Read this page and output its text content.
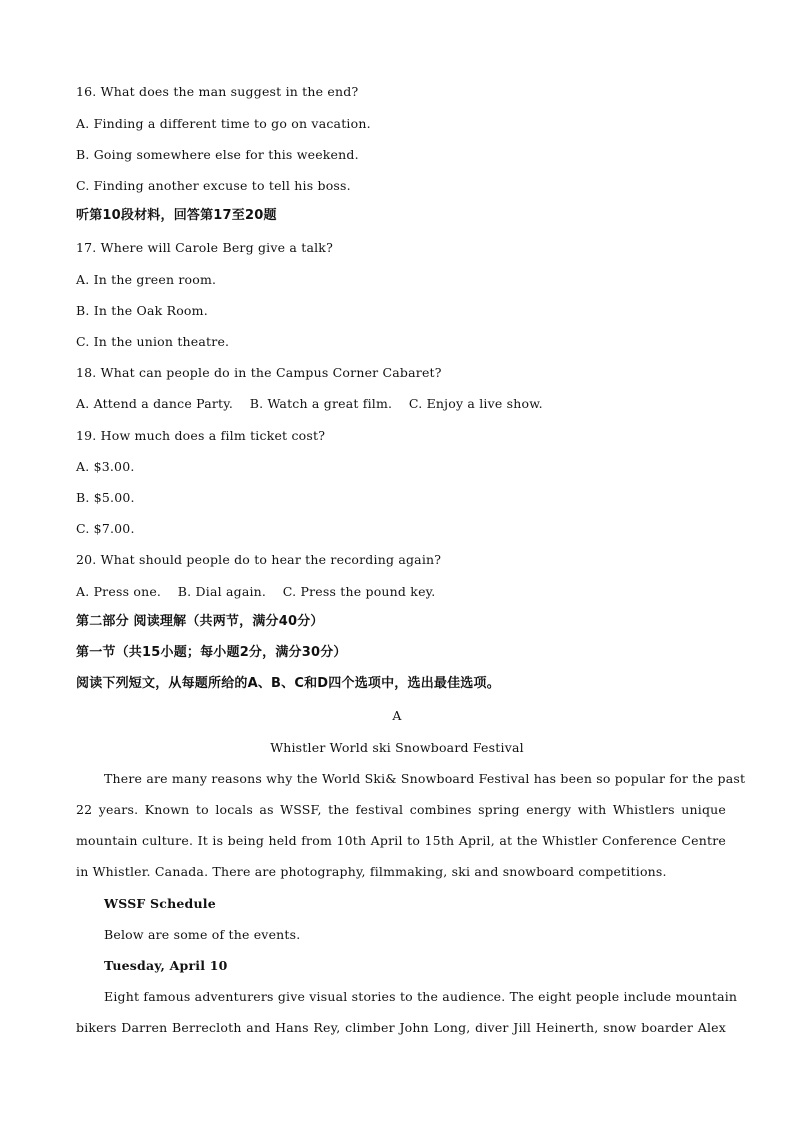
16. What does the man suggest in the end?
A. Finding a different time to go on vacation.
B. Going somewhere else for this weekend.
C. Finding another excuse to tell his boss.
听第10段材料，回答第17至20题
17. Where will Carole Berg give a talk?
A. In the green room.
B. In the Oak Room.
C. In the union theatre.
18. What can people do in the Campus Corner Cabaret?
A. Attend a dance Party.    B. Watch a great film.    C. Enjoy a live show.
19. How much does a film ticket cost?
A. $3.00.
B. $5.00.
C. $7.00.
20. What should people do to hear the recording again?
A. Press one.    B. Dial again.    C. Press the pound key.
第二部分 阅读理解（共两节，满分40分）
第一节（共15小题；每小题2分，满分30分）
阅读下列短文，从每题所给的A、B、C和D四个选项中，选出最佳选项。
A
Whistler World ski Snowboard Festival
There are many reasons why the World Ski& Snowboard Festival has been so popular for the past
22 years. Known to locals as WSSF, the festival combines spring energy with Whistlers unique
mountain culture. It is being held from 10th April to 15th April, at the Whistler Conference Centre
in Whistler. Canada. There are photography, filmmaking, ski and snowboard competitions.
WSSF Schedule
Below are some of the events.
Tuesday, April 10
Eight famous adventurers give visual stories to the audience. The eight people include mountain
bikers Darren Berrecloth and Hans Rey, climber John Long, diver Jill Heinerth, snow boarder Alex
